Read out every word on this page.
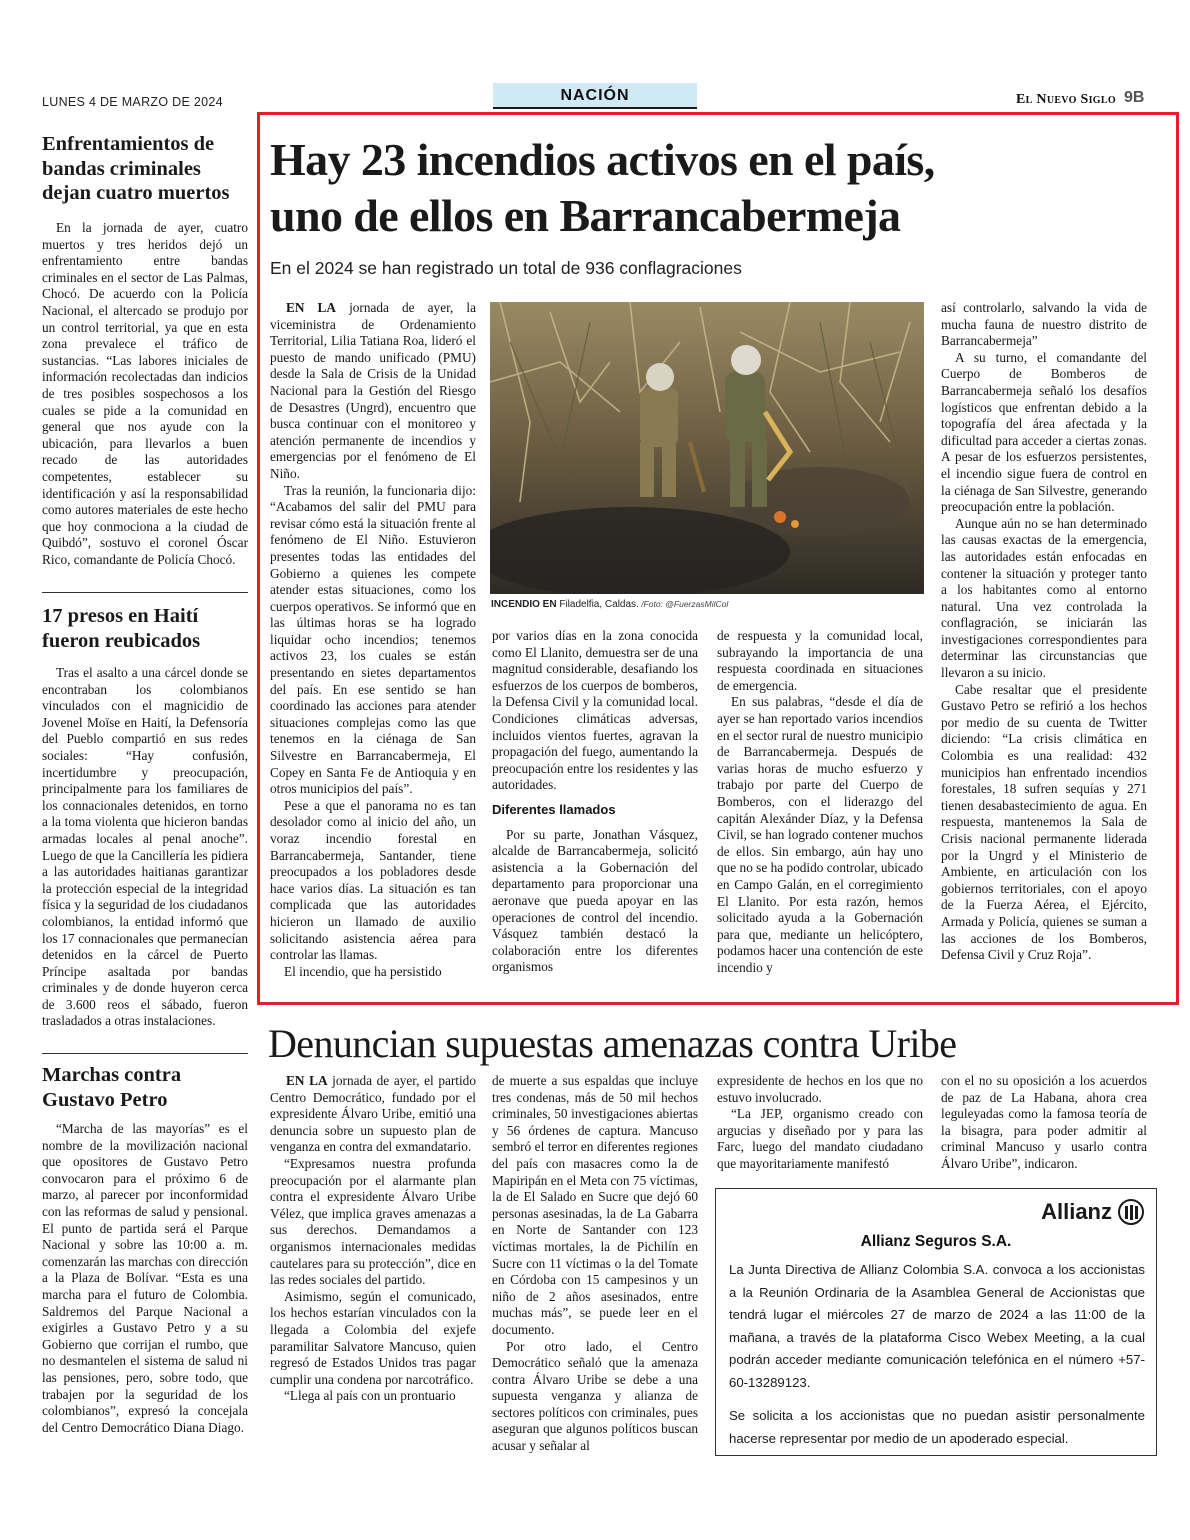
LUNES 4 DE MARZO DE 2024	NACIÓN	El Nuevo Siglo 9B
Enfrentamientos de bandas criminales dejan cuatro muertos

En la jornada de ayer, cuatro muertos y tres heridos dejó un enfrentamiento entre bandas criminales en el sector de Las Palmas, Chocó. De acuerdo con la Policía Nacional, el altercado se produjo por un control territorial, ya que en esta zona prevalece el tráfico de sustancias. “Las labores iniciales de información recolectadas dan indicios de tres posibles sospechosos a los cuales se pide a la comunidad en general que nos ayude con la ubicación, para llevarlos a buen recado de las autoridades competentes, establecer su identificación y así la responsabilidad como autores materiales de este hecho que hoy conmociona a la ciudad de Quibdó”, sostuvo el coronel Óscar Rico, comandante de Policía Chocó.

17 presos en Haití fueron reubicados

Tras el asalto a una cárcel donde se encontraban los colombianos vinculados con el magnicidio de Jovenel Moïse en Haití, la Defensoría del Pueblo compartió en sus redes sociales: “Hay confusión, incertidumbre y preocupación, principalmente para los familiares de los connacionales detenidos, en torno a la toma violenta que hicieron bandas armadas locales al penal anoche”. Luego de que la Cancillería les pidiera a las autoridades haitianas garantizar la protección especial de la integridad física y la seguridad de los ciudadanos colombianos, la entidad informó que los 17 connacionales que permanecían detenidos en la cárcel de Puerto Príncipe asaltada por bandas criminales y de donde huyeron cerca de 3.600 reos el sábado, fueron trasladados a otras instalaciones.

Marchas contra Gustavo Petro

“Marcha de las mayorías” es el nombre de la movilización nacional que opositores de Gustavo Petro convocaron para el próximo 6 de marzo, al parecer por inconformidad con las reformas de salud y pensional. El punto de partida será el Parque Nacional y sobre las 10:00 a. m. comenzarán las marchas con dirección a la Plaza de Bolívar. “Esta es una marcha para el futuro de Colombia. Saldremos del Parque Nacional a exigirles a Gustavo Petro y a su Gobierno que corrijan el rumbo, que no desmantelen el sistema de salud ni las pensiones, pero, sobre todo, que trabajen por la seguridad de los colombianos”, expresó la concejala del Centro Democrático Diana Diago.

Hay 23 incendios activos en el país,
uno de ellos en Barrancabermeja
En el 2024 se han registrado un total de 936 conflagraciones

EN LA jornada de ayer, la viceministra de Ordenamiento Territorial, Lilia Tatiana Roa, lideró el puesto de mando unificado (PMU) desde la Sala de Crisis de la Unidad Nacional para la Gestión del Riesgo de Desastres (Ungrd), encuentro que busca continuar con el monitoreo y atención permanente de incendios y emergencias por el fenómeno de El Niño.

Tras la reunión, la funcionaria dijo: “Acabamos del salir del PMU para revisar cómo está la situación frente al fenómeno de El Niño. Estuvieron presentes todas las entidades del Gobierno a quienes les compete atender estas situaciones, como los cuerpos operativos. Se informó que en las últimas horas se ha logrado liquidar ocho incendios; tenemos activos 23, los cuales se están presentando en sietes departamentos del país. En ese sentido se han coordinado las acciones para atender situaciones complejas como las que tenemos en la ciénaga de San Silvestre en Barrancabermeja, El Copey en Santa Fe de Antioquia y en otros municipios del país”.

Pese a que el panorama no es tan desolador como al inicio del año, un voraz incendio forestal en Barrancabermeja, Santander, tiene preocupados a los pobladores desde hace varios días. La situación es tan complicada que las autoridades hicieron un llamado de auxilio solicitando asistencia aérea para controlar las llamas.

El incendio, que ha persistido

INCENDIO EN Filadelfia, Caldas. /Foto: @FuerzasMilCol

por varios días en la zona conocida como El Llanito, demuestra ser de una magnitud considerable, desafiando los esfuerzos de los cuerpos de bomberos, la Defensa Civil y la comunidad local. Condiciones climáticas adversas, incluidos vientos fuertes, agravan la propagación del fuego, aumentando la preocupación entre los residentes y las autoridades.

Diferentes llamados

Por su parte, Jonathan Vásquez, alcalde de Barrancabermeja, solicitó asistencia a la Gobernación del departamento para proporcionar una aeronave que pueda apoyar en las operaciones de control del incendio. Vásquez también destacó la colaboración entre los diferentes organismos

de respuesta y la comunidad local, subrayando la importancia de una respuesta coordinada en situaciones de emergencia.

En sus palabras, “desde el día de ayer se han reportado varios incendios en el sector rural de nuestro municipio de Barrancabermeja. Después de varias horas de mucho esfuerzo y trabajo por parte del Cuerpo de Bomberos, con el liderazgo del capitán Alexánder Díaz, y la Defensa Civil, se han logrado contener muchos de ellos. Sin embargo, aún hay uno que no se ha podido controlar, ubicado en Campo Galán, en el corregimiento El Llanito. Por esta razón, hemos solicitado ayuda a la Gobernación para que, mediante un helicóptero, podamos hacer una contención de este incendio y

así controlarlo, salvando la vida de mucha fauna de nuestro distrito de Barrancabermeja”

A su turno, el comandante del Cuerpo de Bomberos de Barrancabermeja señaló los desafíos logísticos que enfrentan debido a la topografía del área afectada y la dificultad para acceder a ciertas zonas. A pesar de los esfuerzos persistentes, el incendio sigue fuera de control en la ciénaga de San Silvestre, generando preocupación entre la población.

Aunque aún no se han determinado las causas exactas de la emergencia, las autoridades están enfocadas en contener la situación y proteger tanto a los habitantes como al entorno natural. Una vez controlada la conflagración, se iniciarán las investigaciones correspondientes para determinar las circunstancias que llevaron a su inicio.

Cabe resaltar que el presidente Gustavo Petro se refirió a los hechos por medio de su cuenta de Twitter diciendo: “La crisis climática en Colombia es una realidad: 432 municipios han enfrentado incendios forestales, 18 sufren sequías y 271 tienen desabastecimiento de agua. En respuesta, mantenemos la Sala de Crisis nacional permanente liderada por la Ungrd y el Ministerio de Ambiente, en articulación con los gobiernos territoriales, con el apoyo de la Fuerza Aérea, el Ejército, Armada y Policía, quienes se suman a las acciones de los Bomberos, Defensa Civil y Cruz Roja”.

Denuncian supuestas amenazas contra Uribe

EN LA jornada de ayer, el partido Centro Democrático, fundado por el expresidente Álvaro Uribe, emitió una denuncia sobre un supuesto plan de venganza en contra del exmandatario.

“Expresamos nuestra profunda preocupación por el alarmante plan contra el expresidente Álvaro Uribe Vélez, que implica graves amenazas a sus derechos. Demandamos a organismos internacionales medidas cautelares para su protección”, dice en las redes sociales del partido.

Asimismo, según el comunicado, los hechos estarían vinculados con la llegada a Colombia del exjefe paramilitar Salvatore Mancuso, quien regresó de Estados Unidos tras pagar cumplir una condena por narcotráfico.

“Llega al país con un prontuario

de muerte a sus espaldas que incluye tres condenas, más de 50 mil hechos criminales, 50 investigaciones abiertas y 56 órdenes de captura. Mancuso sembró el terror en diferentes regiones del país con masacres como la de Mapiripán en el Meta con 75 víctimas, la de El Salado en Sucre que dejó 60 personas asesinadas, la de La Gabarra en Norte de Santander con 123 víctimas mortales, la de Pichilín en Sucre con 11 víctimas o la del Tomate en Córdoba con 15 campesinos y un niño de 2 años asesinados, entre muchas más”, se puede leer en el documento.

Por otro lado, el Centro Democrático señaló que la amenaza contra Álvaro Uribe se debe a una supuesta venganza y alianza de sectores políticos con criminales, pues aseguran que algunos políticos buscan acusar y señalar al

expresidente de hechos en los que no estuvo involucrado.

“La JEP, organismo creado con argucias y diseñado por y para las Farc, luego del mandato ciudadano que mayoritariamente manifestó

con el no su oposición a los acuerdos de paz de La Habana, ahora crea leguleyadas como la famosa teoría de la bisagra, para poder admitir al criminal Mancuso y usarlo contra Álvaro Uribe”, indicaron.

Allianz
Allianz Seguros S.A.
La Junta Directiva de Allianz Colombia S.A. convoca a los accionistas a la Reunión Ordinaria de la Asamblea General de Accionistas que tendrá lugar el miércoles 27 de marzo de 2024 a las 11:00 de la mañana, a través de la plataforma Cisco Webex Meeting, a la cual podrán acceder mediante comunicación telefónica en el número +57-60-13289123.
Se solicita a los accionistas que no puedan asistir personalmente hacerse representar por medio de un apoderado especial.
